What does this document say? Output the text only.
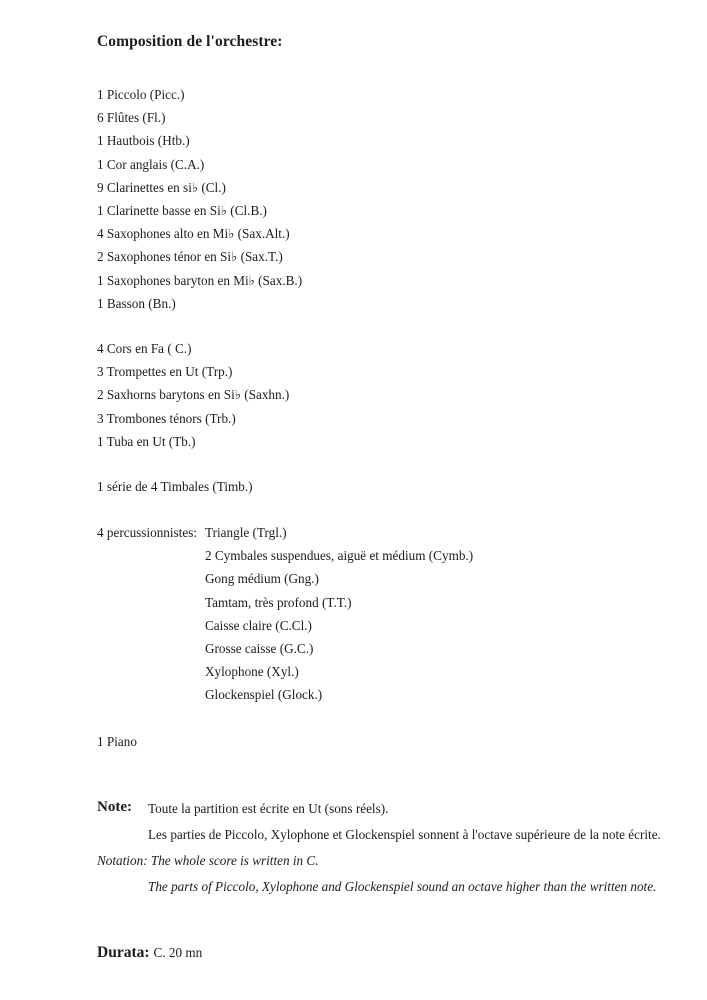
Composition de l'orchestre:
1 Piccolo (Picc.)
6 Flûtes (Fl.)
1 Hautbois (Htb.)
1 Cor anglais (C.A.)
9 Clarinettes en si♭ (Cl.)
1 Clarinette basse en Si♭ (Cl.B.)
4 Saxophones alto en Mi♭ (Sax.Alt.)
2 Saxophones ténor en Si♭ (Sax.T.)
1 Saxophones baryton en Mi♭ (Sax.B.)
1 Basson (Bn.)
4 Cors en Fa ( C.)
3 Trompettes en Ut (Trp.)
2 Saxhorns barytons en Si♭ (Saxhn.)
3 Trombones ténors (Trb.)
1 Tuba en Ut (Tb.)
1 série de 4 Timbales (Timb.)
4 percussionnistes: Triangle (Trgl.)
2 Cymbales suspendues, aiguë et médium (Cymb.)
Gong médium (Gng.)
Tamtam, très profond (T.T.)
Caisse claire (C.Cl.)
Grosse caisse (G.C.)
Xylophone (Xyl.)
Glockenspiel (Glock.)
1 Piano
Note: Toute la partition est écrite en Ut (sons réels).
Les parties de Piccolo, Xylophone et Glockenspiel sonnent à l'octave supérieure de la note écrite.
Notation: The whole score is written in C.
The parts of Piccolo, Xylophone and Glockenspiel sound an octave higher than the written note.
Durata: C. 20 mn
